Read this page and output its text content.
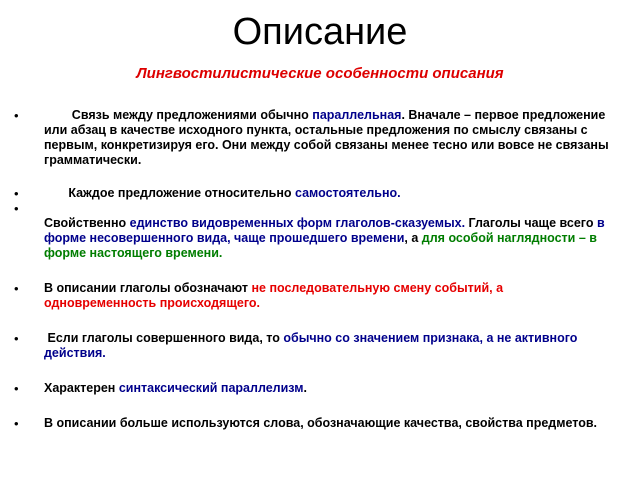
Описание
Лингвостилистические особенности описания
• Связь между предложениями обычно параллельная. Вначале – первое предложение или абзац в качестве исходного пункта, остальные предложения по смыслу связаны с первым, конкретизируя его. Они между собой связаны менее тесно или вовсе не связаны грамматически.
• Каждое предложение относительно самостоятельно.
•
Свойственно единство видовременных форм глаголов-сказуемых. Глаголы чаще всего в форме несовершенного вида, чаще прошедшего времени, а для особой наглядности – в форме настоящего времени.
• В описании глаголы обозначают не последовательную смену событий, а одновременность происходящего.
• Если глаголы совершенного вида, то обычно со значением признака, а не активного действия.
• Характерен синтаксический параллелизм.
• В описании больше используются слова, обозначающие качества, свойства предметов.
